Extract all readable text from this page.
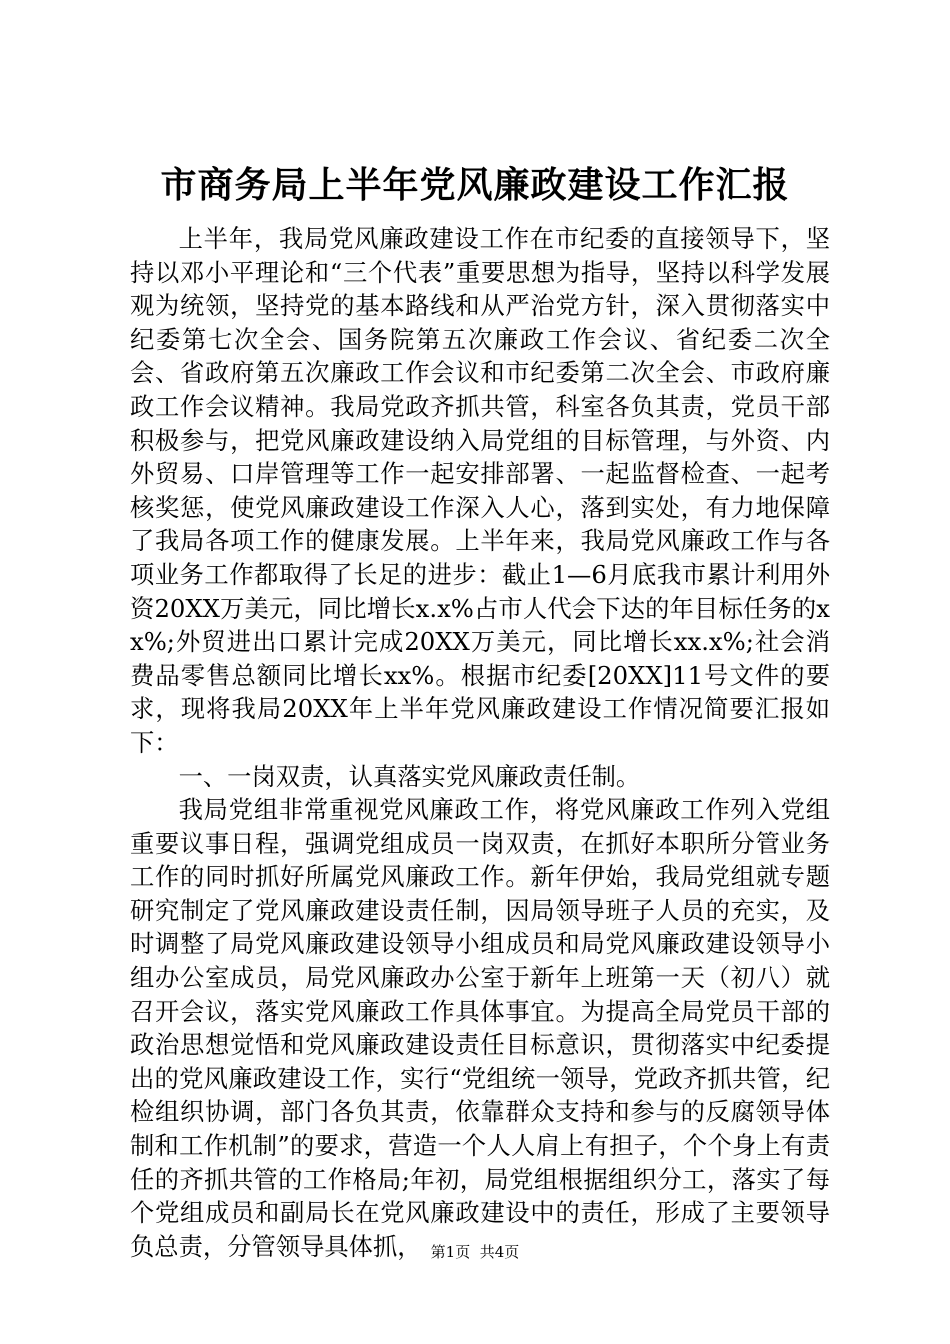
市商务局上半年党风廉政建设工作汇报

上半年，我局党风廉政建设工作在市纪委的直接领导下，坚持以邓小平理论和“三个代表”重要思想为指导，坚持以科学发展观为统领，坚持党的基本路线和从严治党方针，深入贯彻落实中纪委第七次全会、国务院第五次廉政工作会议、省纪委二次全会、省政府第五次廉政工作会议和市纪委第二次全会、市政府廉政工作会议精神。我局党政齐抓共管，科室各负其责，党员干部积极参与，把党风廉政建设纳入局党组的目标管理，与外资、内外贸易、口岸管理等工作一起安排部署、一起监督检查、一起考核奖惩，使党风廉政建设工作深入人心，落到实处，有力地保障了我局各项工作的健康发展。上半年来，我局党风廉政工作与各项业务工作都取得了长足的进步：截止1—6月底我市累计利用外资20XX万美元，同比增长x.x%占市人代会下达的年目标任务的xx%;外贸进出口累计完成20XX万美元，同比增长xx.x%;社会消费品零售总额同比增长xx%。根据市纪委[20XX]11号文件的要求，现将我局20XX年上半年党风廉政建设工作情况简要汇报如下：

一、一岗双责，认真落实党风廉政责任制。

我局党组非常重视党风廉政工作，将党风廉政工作列入党组重要议事日程，强调党组成员一岗双责，在抓好本职所分管业务工作的同时抓好所属党风廉政工作。新年伊始，我局党组就专题研究制定了党风廉政建设责任制，因局领导班子人员的充实，及时调整了局党风廉政建设领导小组成员和局党风廉政建设领导小组办公室成员，局党风廉政办公室于新年上班第一天（初八）就召开会议，落实党风廉政工作具体事宜。为提高全局党员干部的政治思想觉悟和党风廉政建设责任目标意识，贯彻落实中纪委提出的党风廉政建设工作，实行“党组统一领导，党政齐抓共管，纪检组织协调，部门各负其责，依靠群众支持和参与的反腐领导体制和工作机制”的要求，营造一个人人肩上有担子，个个身上有责任的齐抓共管的工作格局;年初，局党组根据组织分工，落实了每个党组成员和副局长在党风廉政建设中的责任，形成了主要领导负总责，分管领导具体抓， 第1页 共4页
